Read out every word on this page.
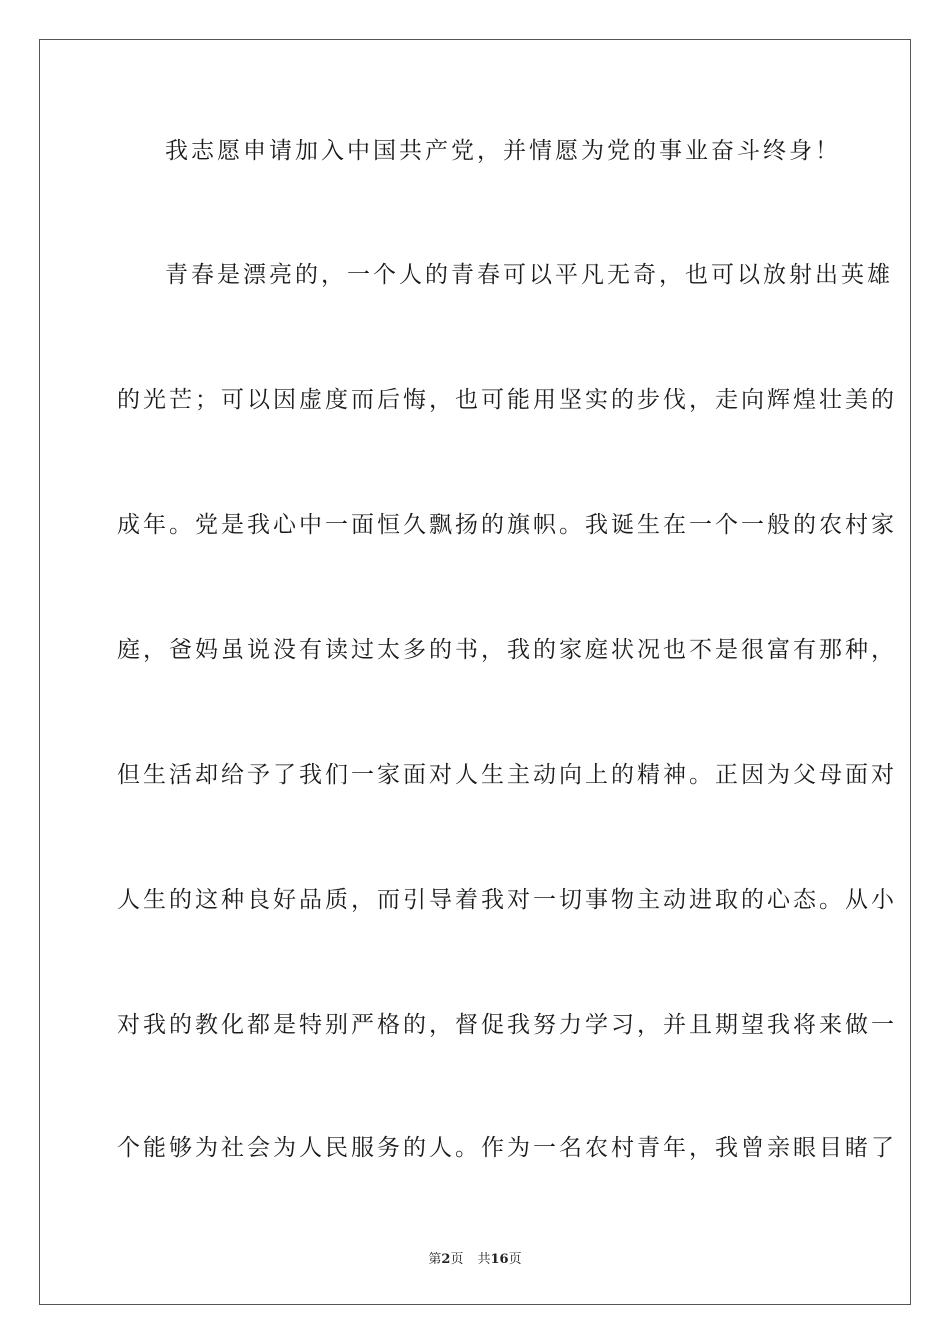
我志愿申请加入中国共产党，并情愿为党的事业奋斗终身！
青春是漂亮的，一个人的青春可以平凡无奇，也可以放射出英雄
的光芒；可以因虚度而后悔，也可能用坚实的步伐，走向辉煌壮美的
成年。党是我心中一面恒久飘扬的旗帜。我诞生在一个一般的农村家
庭，爸妈虽说没有读过太多的书，我的家庭状况也不是很富有那种，
但生活却给予了我们一家面对人生主动向上的精神。正因为父母面对
人生的这种良好品质，而引导着我对一切事物主动进取的心态。从小
对我的教化都是特别严格的，督促我努力学习，并且期望我将来做一
个能够为社会为人民服务的人。作为一名农村青年，我曾亲眼目睹了
第2页 共16页
